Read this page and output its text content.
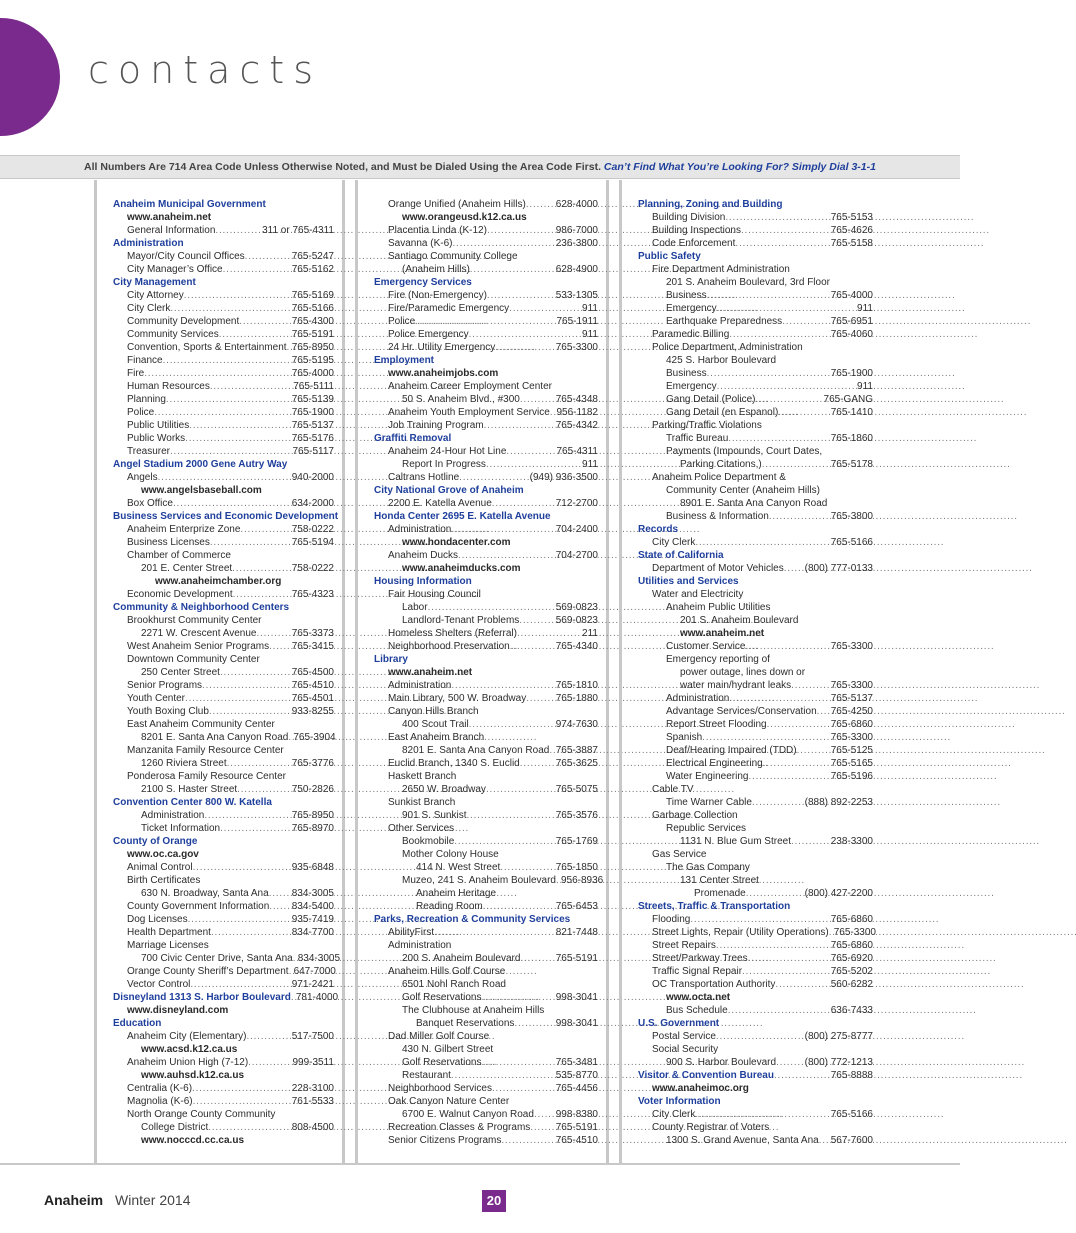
contacts
All Numbers Are 714 Area Code Unless Otherwise Noted, and Must be Dialed Using the Area Code First. Can’t Find What You’re Looking For? Simply Dial 3-1-1
Anaheim Municipal Government
www.anaheim.net
General Information . . .	311 or 765-4311
Administration
Mayor/City Council Offices . . .	765-5247
City Manager’s Office . . .	765-5162
City Management
City Attorney . . .	765-5169
City Clerk . . .	765-5166
Community Development . . .	765-4300
Community Services . . .	765-5191
Convention, Sports & Entertainment . . . 765-8950
Finance . . .	765-5195
Fire . . .	765-4000
Human Resources . . .	765-5111
Planning . . .	765-5139
Police . . .	765-1900
Public Utilities . . .	765-5137
Public Works . . .	765-5176
Treasurer . . .	765-5117
Angel Stadium 2000 Gene Autry Way
Angels . . .	940-2000
www.angelsbaseball.com
Box Office . . .	634-2000
Business Services and Economic Development
Anaheim Enterprize Zone . . .	758-0222
Business Licenses . . .	765-5194
Chamber of Commerce
201 E. Center Street . . .	758-0222
www.anaheimchamber.org
Economic Development . . .	765-4323
Community & Neighborhood Centers
Brookhurst Community Center
2271 W. Crescent Avenue . . .	765-3373
West Anaheim Senior Programs . . . 765-3415
Downtown Community Center
250 Center Street . . .	765-4500
Senior Programs . . .	765-4510
Youth Center . . .	765-4501
Youth Boxing Club . . .	933-8255
East Anaheim Community Center
8201 E. Santa Ana Canyon Road . . . 765-3904
Manzanita Family Resource Center
1260 Riviera Street . . .	765-3776
Ponderosa Family Resource Center
2100 S. Haster Street . . .	750-2826
Convention Center 800 W. Katella
Administration . . .	765-8950
Ticket Information . . .	765-8970
County of Orange
www.oc.ca.gov
Animal Control . . .	935-6848
Birth Certificates
630 N. Broadway, Santa Ana . . . 834-3005
County Government Information . . . 834-5400
Dog Licenses . . .	935-7419
Health Department . . .	834-7700
Marriage Licenses
700 Civic Center Drive, Santa Ana . . . 834-3005
Orange County Sheriff’s Department . . . 647-7000
Vector Control . . .	971-2421
Disneyland 1313 S. Harbor Boulevard . . . 781-4000
www.disneyland.com
Education
Anaheim City (Elementary) . . .	517-7500
www.acsd.k12.ca.us
Anaheim Union High (7-12) . . .	999-3511
www.auhsd.k12.ca.us
Centralia (K-6) . . .	228-3100
Magnolia (K-6) . . .	761-5533
North Orange County Community
College District . . .	808-4500
www.nocccd.cc.ca.us
Orange Unified (Anaheim Hills) . . .	628-4000
www.orangeusd.k12.ca.us
Placentia Linda (K-12) . . .	986-7000
Savanna (K-6) . . .	236-3800
Santiago Community College
(Anaheim Hills) . . .	628-4900
Emergency Services
Fire (Non-Emergency) . . .	533-1305
Fire/Paramedic Emergency . . .	911
Police . . .	765-1911
Police Emergency . . .	911
24 Hr. Utility Emergency . . .	765-3300
Employment
www.anaheimjobs.com
Anaheim Career Employment Center
50 S. Anaheim Blvd., #300 . . .	765-4348
Anaheim Youth Employment Service . . . 956-1182
Job Training Program . . .	765-4342
Graffiti Removal
Anaheim 24-Hour Hot Line . . .	765-4311
Report In Progress . . .	911
Caltrans Hotline . . .	(949) 936-3500
City National Grove of Anaheim
2200 E. Katella Avenue . . .	712-2700
Honda Center 2695 E. Katella Avenue
Administration . . .	704-2400
www.hondacenter.com
Anaheim Ducks . . .	704-2700
www.anaheimducks.com
Housing Information
Fair Housing Council
Labor . . .	569-0823
Landlord-Tenant Problems . . .	569-0823
Homeless Shelters (Referral) . . .	211
Neighborhood Preservation . . .	765-4340
Library
www.anaheim.net
Administration . . .	765-1810
Main Library, 500 W. Broadway . . .	765-1880
Canyon Hills Branch
400 Scout Trail . . .	974-7630
East Anaheim Branch
8201 E. Santa Ana Canyon Road . . . 765-3887
Euclid Branch, 1340 S. Euclid . . .	765-3625
Haskett Branch
2650 W. Broadway . . .	765-5075
Sunkist Branch
901 S. Sunkist . . .	765-3576
Other Services
Bookmobile . . .	765-1769
Mother Colony House
414 N. West Street . . .	765-1850
Muzeo, 241 S. Anaheim Boulevard . . . 956-8936
Anaheim Heritage
Reading Room . . .	765-6453
Parks, Recreation & Community Services
AbilityFirst . . .	821-7448
Administration
200 S. Anaheim Boulevard . . .	765-5191
Anaheim Hills Golf Course
6501 Nohl Ranch Road
Golf Reservations . . .	998-3041
The Clubhouse at Anaheim Hills
Banquet Reservations . . .	998-3041
Dad Miller Golf Course
430 N. Gilbert Street
Golf Reservations . . .	765-3481
Restaurant . . .	535-8770
Neighborhood Services . . .	765-4456
Oak Canyon Nature Center
6700 E. Walnut Canyon Road . . . 998-8380
Recreation Classes & Programs . . .	765-5191
Senior Citizens Programs . . .	765-4510
Planning, Zoning and Building
Building Division . . .	765-5153
Building Inspections . . .	765-4626
Code Enforcement . . .	765-5158
Public Safety
Fire Department Administration
201 S. Anaheim Boulevard, 3rd Floor
Business . . .	765-4000
Emergency . . .	911
Earthquake Preparedness . . .	765-6951
Paramedic Billing . . .	765-4060
Police Department, Administration
425 S. Harbor Boulevard
Business . . .	765-1900
Emergency . . .	911
Gang Detail (Police) . . .	765-GANG
Gang Detail (en Espanol) . . .	765-1410
Parking/Traffic Violations
Traffic Bureau . . .	765-1860
Payments (Impounds, Court Dates,
Parking Citations,) . . .	765-5178
Anaheim Police Department &
Community Center (Anaheim Hills)
8901 E. Santa Ana Canyon Road
Business & Information . . .	765-3800
Records
City Clerk . . .	765-5166
State of California
Department of Motor Vehicles . . . (800) 777-0133
Utilities and Services
Water and Electricity
Anaheim Public Utilities
201 S. Anaheim Boulevard
www.anaheim.net
Customer Service . . .	765-3300
Emergency reporting of
power outage, lines down or
water main/hydrant leaks . . .	765-3300
Administration . . .	765-5137
Advantage Services/Conservation . . . 765-4250
Report Street Flooding . . .	765-6860
Spanish . . .	765-3300
Deaf/Hearing Impaired (TDD) . . .	765-5125
Electrical Engineering . . .	765-5165
Water Engineering . . .	765-5196
Cable TV
Time Warner Cable . . .	(888) 892-2253
Garbage Collection
Republic Services
1131 N. Blue Gum Street . . .	238-3300
Gas Service
The Gas Company
131 Center Street
Promenade . . .	(800) 427-2200
Streets, Traffic & Transportation
Flooding . . .	765-6860
Street Lights, Repair (Utility Operations) . . . 765-3300
Street Repairs . . .	765-6860
Street/Parkway Trees . . .	765-6920
Traffic Signal Repair . . .	765-5202
OC Transportation Authority . . .	560-6282
www.octa.net
Bus Schedule . . .	636-7433
U.S. Government
Postal Service . . .	(800) 275-8777
Social Security
900 S. Harbor Boulevard . . .	(800) 772-1213
Visitor & Convention Bureau . . .	765-8888
www.anaheimoc.org
Voter Information
City Clerk . . .	765-5166
County Registrar of Voters
1300 S. Grand Avenue, Santa Ana . . . 567-7600
Anaheim Winter 2014	20
